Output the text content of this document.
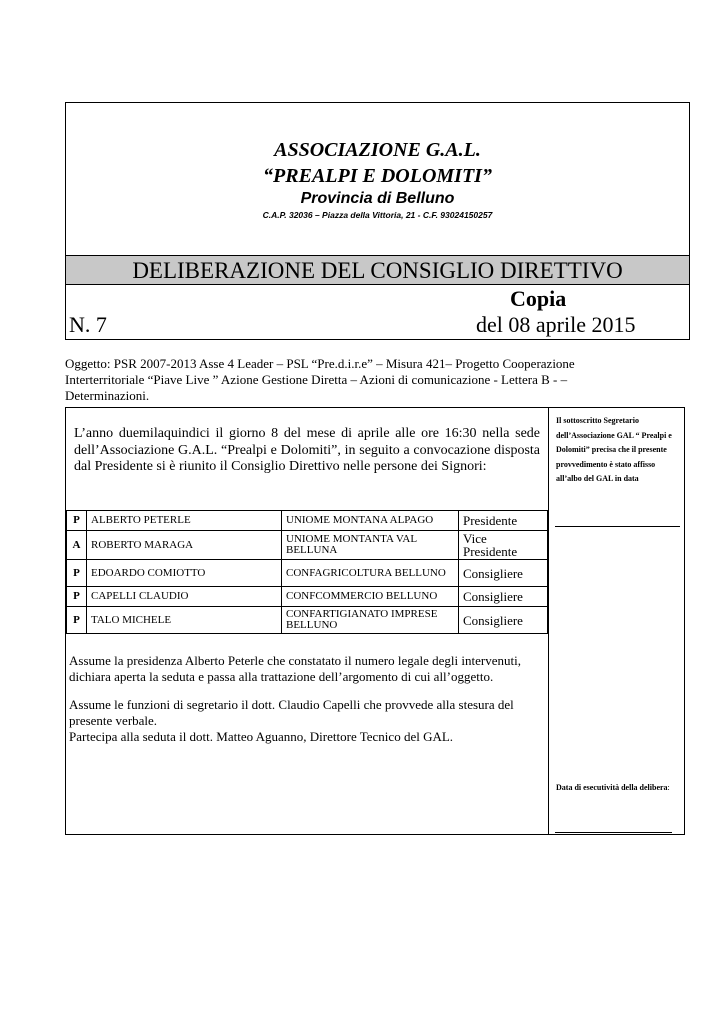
ASSOCIAZIONE G.A.L.
“PREALPI E DOLOMITI”
Provincia di Belluno
C.A.P. 32036 – Piazza della Vittoria, 21 - C.F. 93024150257
DELIBERAZIONE DEL CONSIGLIO DIRETTIVO
Copia
N. 7	del 08 aprile 2015
Oggetto: PSR 2007-2013 Asse 4 Leader – PSL “Pre.d.i.r.e” – Misura 421– Progetto Cooperazione
Interterritoriale “Piave Live ” Azione Gestione Diretta – Azioni di comunicazione - Lettera B - –
Determinazioni.
L’anno duemilaquindici il giorno 8 del mese di aprile alle ore 16:30 nella sede dell’Associazione G.A.L. “Prealpi e Dolomiti”, in seguito a convocazione disposta dal Presidente si è riunito il Consiglio Direttivo nelle persone dei Signori:
P	ALBERTO PETERLE	UNIOME MONTANA ALPAGO	Presidente
A	ROBERTO MARAGA	UNIOME MONTANTA VAL BELLUNA	Vice Presidente
P	EDOARDO COMIOTTO	CONFAGRICOLTURA BELLUNO	Consigliere
P	CAPELLI CLAUDIO	CONFCOMMERCIO BELLUNO	Consigliere
P	TALO MICHELE	CONFARTIGIANATO IMPRESE BELLUNO	Consigliere

Assume la presidenza Alberto Peterle che constatato il numero legale degli intervenuti, dichiara aperta la seduta e passa alla trattazione dell’argomento di cui all’oggetto.

Assume le funzioni di segretario il dott. Claudio Capelli che provvede alla stesura del presente verbale.
Partecipa alla seduta il dott. Matteo Aguanno, Direttore Tecnico del GAL.
Il sottoscritto Segretario dell’Associazione GAL “ Prealpi e Dolomiti” precisa che il presente provvedimento è stato affisso all’albo del GAL in data
Data di esecutività della delibera:
